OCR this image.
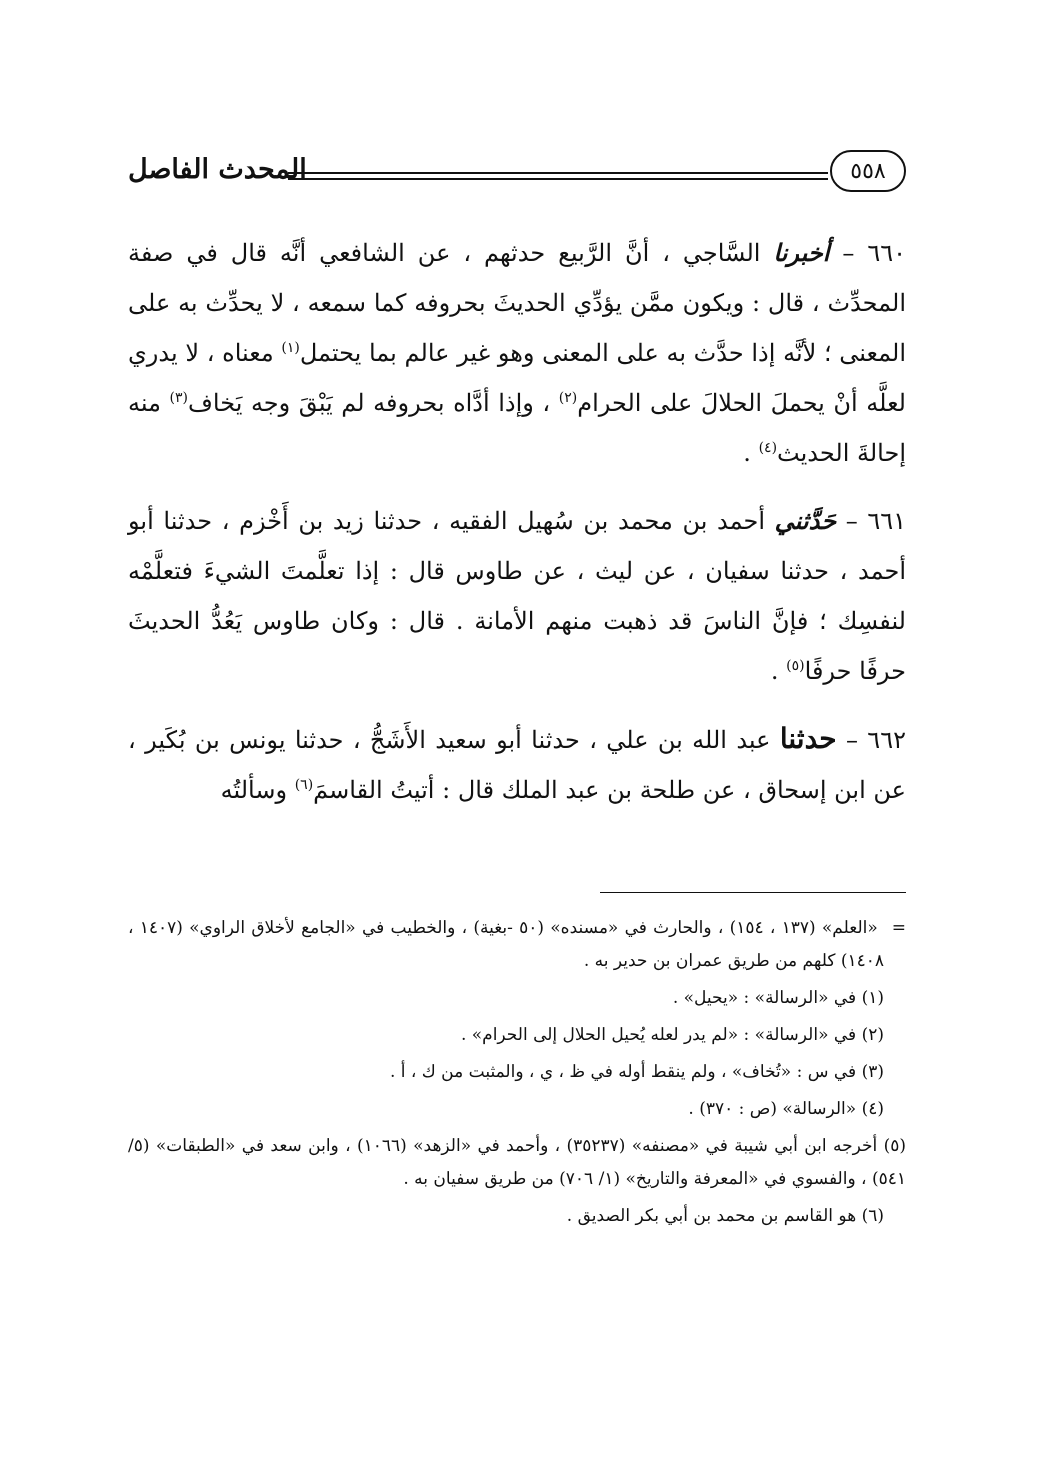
المحدث الفاصل	٥٥٨

٦٦٠ – أخبرنا السَّاجي ، أنَّ الرَّبيع حدثهم ، عن الشافعي أنَّه قال في صفة المحدِّث ، قال : ويكون ممَّن يؤدِّي الحديثَ بحروفه كما سمعه ، لا يحدِّث به على المعنى ؛ لأنَّه إذا حدَّث به على المعنى وهو غير عالم بما يحتمل$^{(١)}$ معناه ، لا يدري لعلَّه أنْ يحملَ الحلالَ على الحرام$^{(٢)}$ ، وإذا أدَّاه بحروفه لم يَبْقَ وجه يَخاف$^{(٣)}$ منه إحالةَ الحديث$^{(٤)}$ .

٦٦١ – حَدَّثني أحمد بن محمد بن سُهيل الفقيه ، حدثنا زيد بن أَخْزم ، حدثنا أبو أحمد ، حدثنا سفيان ، عن ليث ، عن طاوس قال : إذا تعلَّمتَ الشيءَ فتعلَّمْه لنفسِك ؛ فإنَّ الناسَ قد ذهبت منهم الأمانة . قال : وكان طاوس يَعُدُّ الحديثَ حرفًا حرفًا$^{(٥)}$ .

٦٦٢ – حدثنا عبد الله بن علي ، حدثنا أبو سعيد الأَشَجُّ ، حدثنا يونس بن بُكَير ، عن ابن إسحاق ، عن طلحة بن عبد الملك قال : أتيتُ القاسمَ$^{(٦)}$ وسألتُه

= «العلم» (١٣٧ ، ١٥٤) ، والحارث في «مسنده» (٥٠ -بغية) ، والخطيب في «الجامع لأخلاق الراوي» (١٤٠٧ ، ١٤٠٨) كلهم من طريق عمران بن حدير به .

(١) في «الرسالة» : «يحيل» .

(٢) في «الرسالة» : «لم يدر لعله يُحيل الحلال إلى الحرام» .

(٣) في س : «تُخاف» ، ولم ينقط أوله في ظ ، ي ، والمثبت من ك ، أ .

(٤) «الرسالة» (ص : ٣٧٠) .

(٥) أخرجه ابن أبي شيبة في «مصنفه» (٣٥٢٣٧) ، وأحمد في «الزهد» (١٠٦٦) ، وابن سعد في «الطبقات» (٥/ ٥٤١) ، والفسوي في «المعرفة والتاريخ» (١/ ٧٠٦) من طريق سفيان به .

(٦) هو القاسم بن محمد بن أبي بكر الصديق .
